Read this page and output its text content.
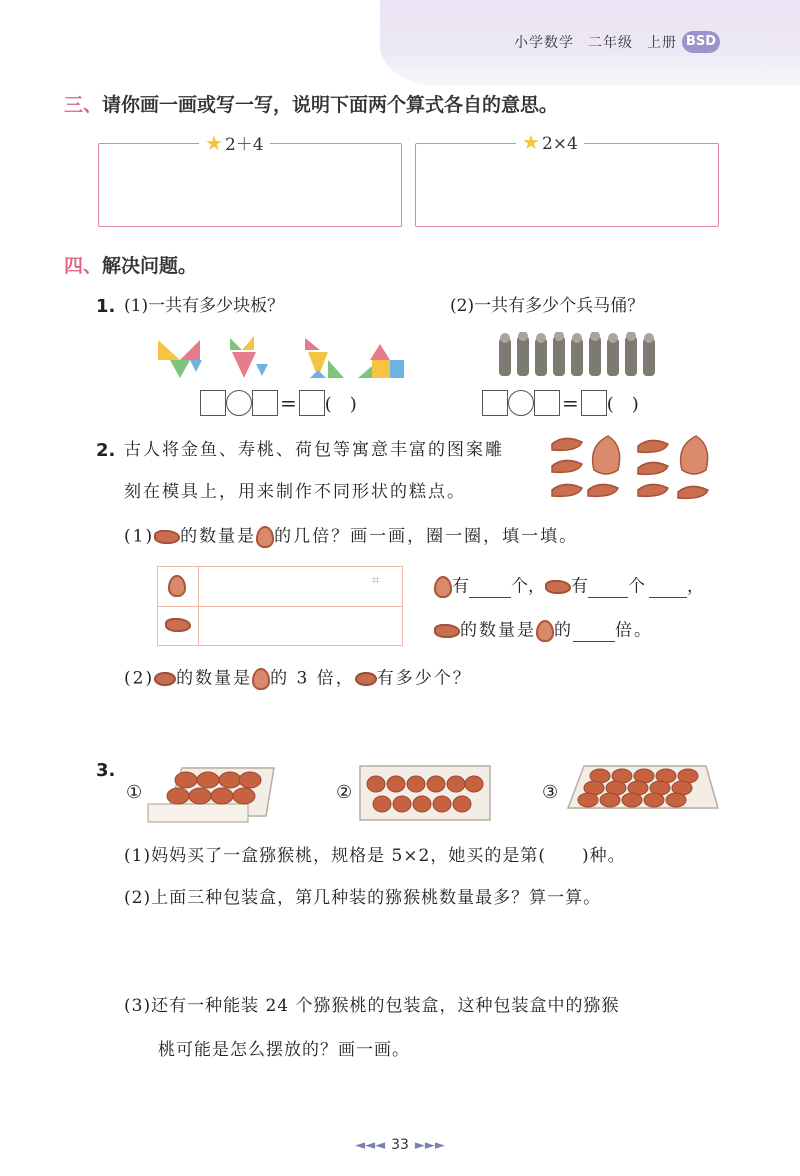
小学数学 二年级 上册 BSD
三、请你画一画或写一写，说明下面两个算式各自的意思。
★ 2＋4	★ 2×4
四、解决问题。
1. (1)一共有多少块板？	(2)一共有多少个兵马俑？
= (　)	= (　)
2. 古人将金鱼、寿桃、荷包等寓意丰富的图案雕
刻在模具上，用来制作不同形状的糕点。
(1) 的数量是 的几倍？画一画，圈一圈，填一填。
⌗	有 个， 有 个 ，
的数量是 的 倍。
(2) 的数量是 的 3 倍， 有多少个？
3.
①	②	③
(1)妈妈买了一盒猕猴桃，规格是 5×2，她买的是第(　　)种。
(2)上面三种包装盒，第几种装的猕猴桃数量最多？算一算。
(3)还有一种能装 24 个猕猴桃的包装盒，这种包装盒中的猕猴
桃可能是怎么摆放的？画一画。
◄◄◄ 33 ►►►
